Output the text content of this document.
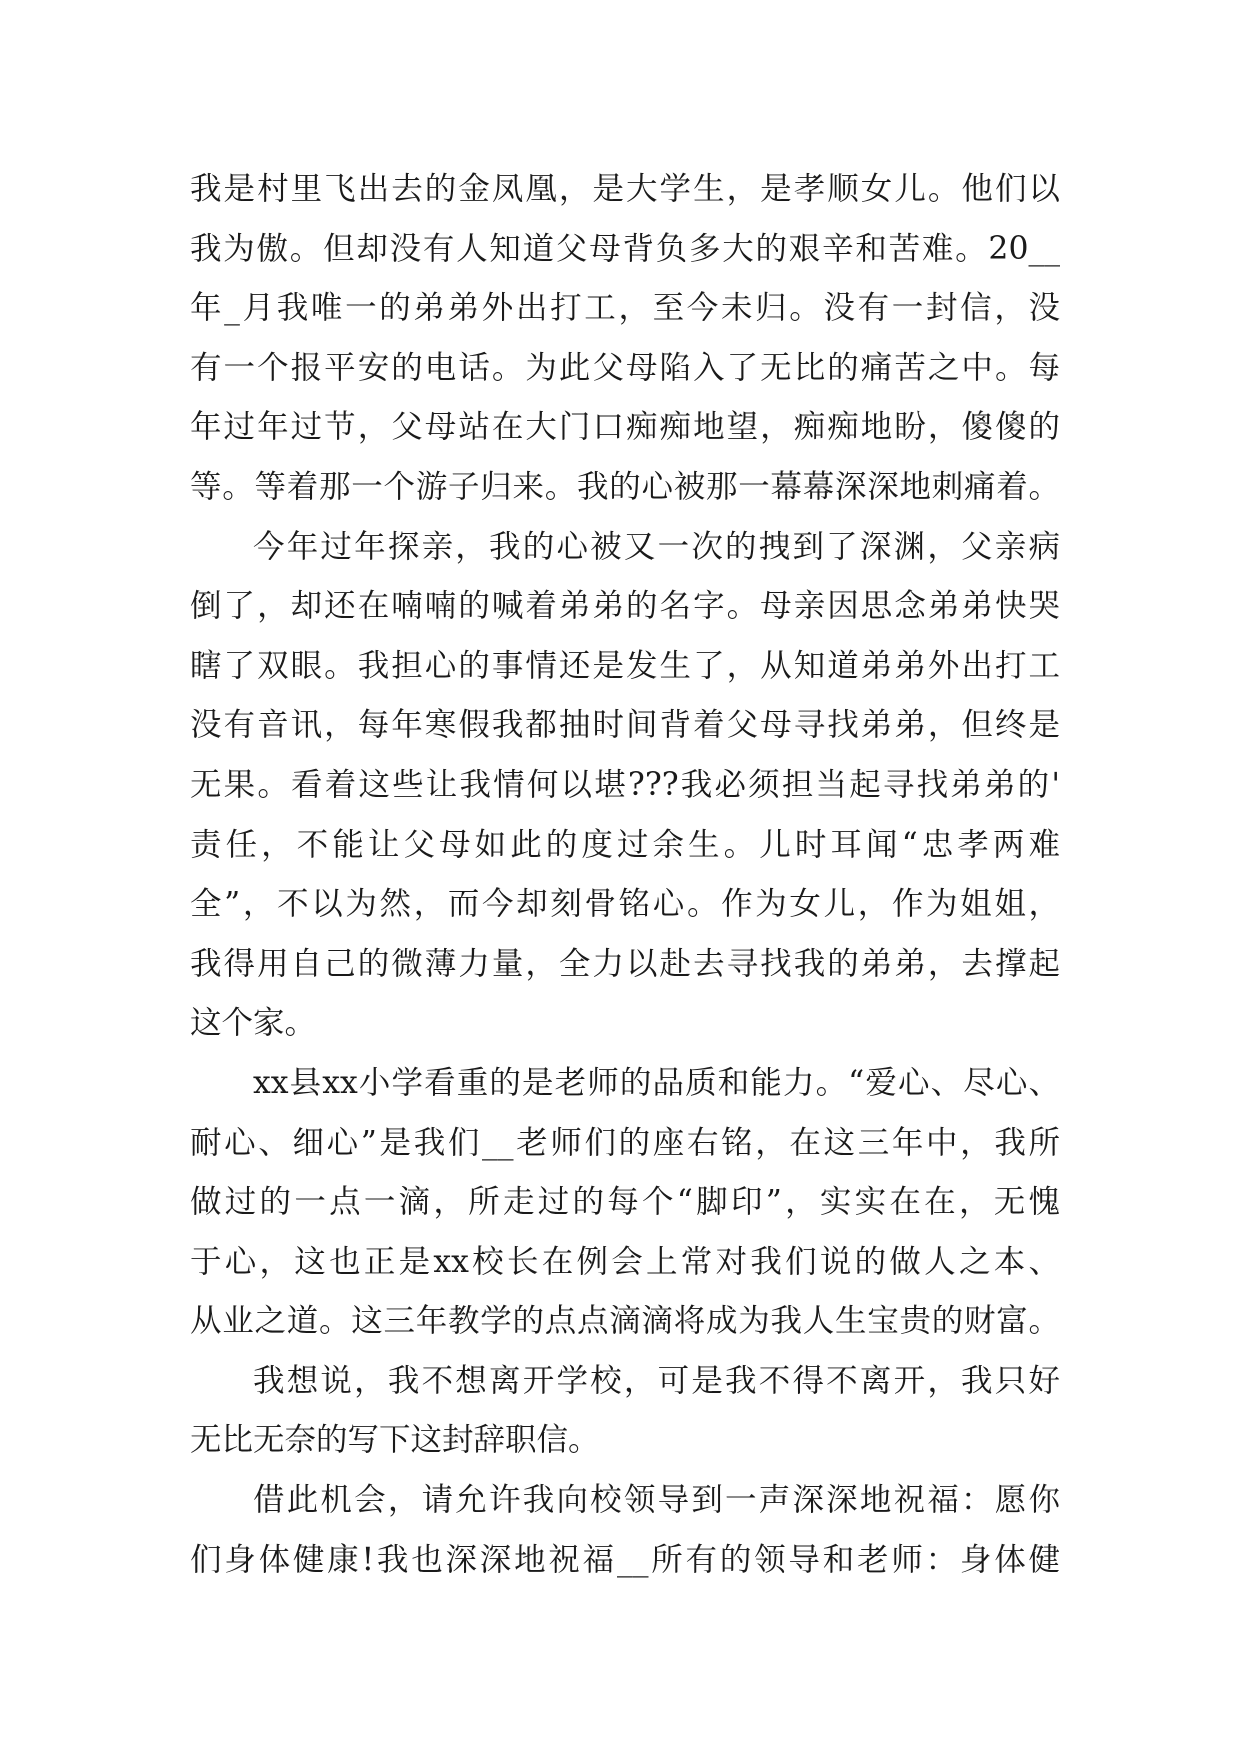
我是村里飞出去的金凤凰，是大学生，是孝顺女儿。他们以
我为傲。但却没有人知道父母背负多大的艰辛和苦难。20__
年_月我唯一的弟弟外出打工，至今未归。没有一封信，没
有一个报平安的电话。为此父母陷入了无比的痛苦之中。每
年过年过节，父母站在大门口痴痴地望，痴痴地盼，傻傻的
等。等着那一个游子归来。我的心被那一幕幕深深地刺痛着。
今年过年探亲，我的心被又一次的拽到了深渊，父亲病
倒了，却还在喃喃的喊着弟弟的名字。母亲因思念弟弟快哭
瞎了双眼。我担心的事情还是发生了，从知道弟弟外出打工
没有音讯，每年寒假我都抽时间背着父母寻找弟弟，但终是
无果。看着这些让我情何以堪???我必须担当起寻找弟弟的'
责任，不能让父母如此的度过余生。儿时耳闻“忠孝两难
全”，不以为然，而今却刻骨铭心。作为女儿，作为姐姐，
我得用自己的微薄力量，全力以赴去寻找我的弟弟，去撑起
这个家。
xx县xx小学看重的是老师的品质和能力。“爱心、尽心、
耐心、细心”是我们__老师们的座右铭，在这三年中，我所
做过的一点一滴，所走过的每个“脚印”，实实在在，无愧
于心，这也正是xx校长在例会上常对我们说的做人之本、
从业之道。这三年教学的点点滴滴将成为我人生宝贵的财富。
我想说，我不想离开学校，可是我不得不离开，我只好
无比无奈的写下这封辞职信。
借此机会，请允许我向校领导到一声深深地祝福：愿你
们身体健康!我也深深地祝福__所有的领导和老师：身体健
